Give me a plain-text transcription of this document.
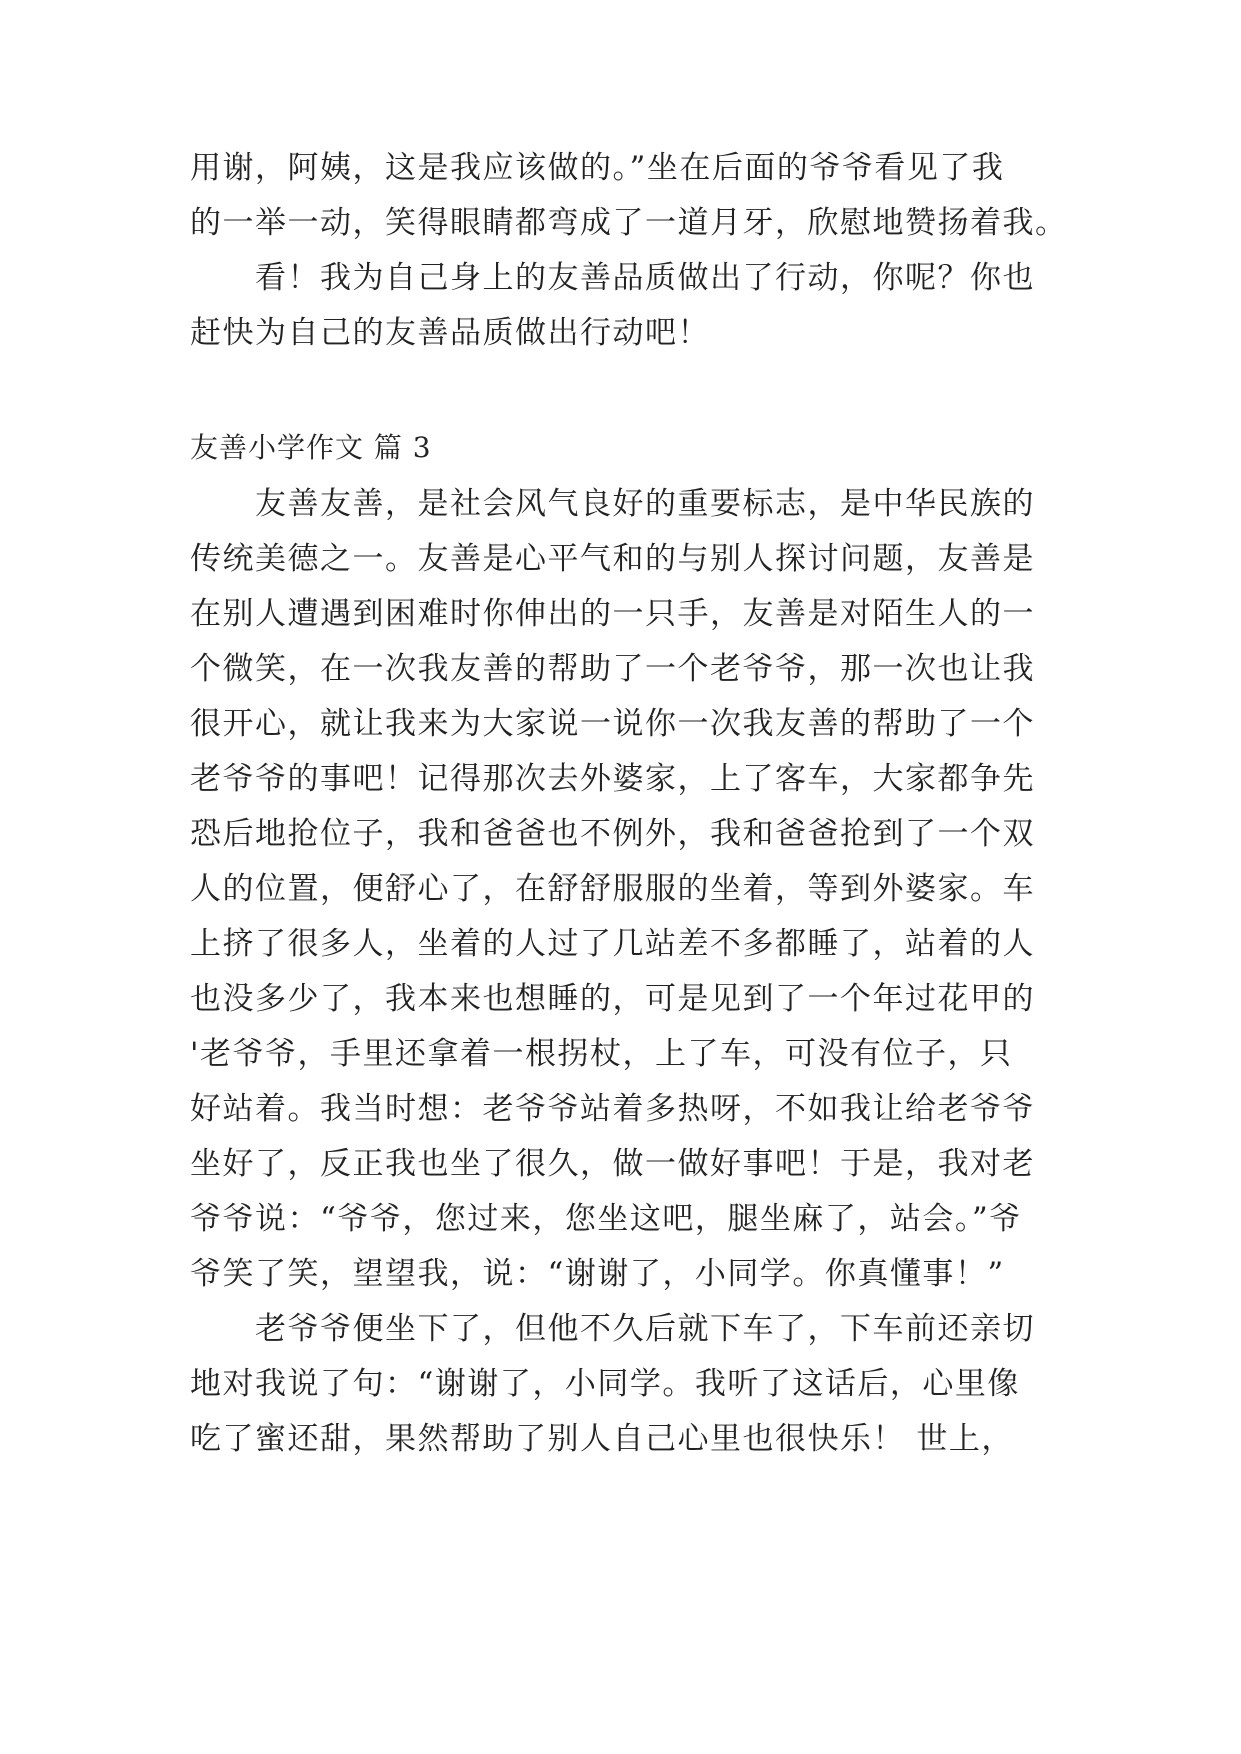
用谢，阿姨，这是我应该做的。”坐在后面的爷爷看见了我
的一举一动，笑得眼睛都弯成了一道月牙，欣慰地赞扬着我。
看！我为自己身上的友善品质做出了行动，你呢？你也
赶快为自己的友善品质做出行动吧！
友善小学作文 篇 3
友善友善，是社会风气良好的重要标志，是中华民族的
传统美德之一。友善是心平气和的与别人探讨问题，友善是
在别人遭遇到困难时你伸出的一只手，友善是对陌生人的一
个微笑，在一次我友善的帮助了一个老爷爷，那一次也让我
很开心，就让我来为大家说一说你一次我友善的帮助了一个
老爷爷的事吧！记得那次去外婆家，上了客车，大家都争先
恐后地抢位子，我和爸爸也不例外，我和爸爸抢到了一个双
人的位置，便舒心了，在舒舒服服的坐着，等到外婆家。车
上挤了很多人，坐着的人过了几站差不多都睡了，站着的人
也没多少了，我本来也想睡的，可是见到了一个年过花甲的
'老爷爷，手里还拿着一根拐杖，上了车，可没有位子，只
好站着。我当时想：老爷爷站着多热呀，不如我让给老爷爷
坐好了，反正我也坐了很久，做一做好事吧！于是，我对老
爷爷说：“爷爷，您过来，您坐这吧，腿坐麻了，站会。”爷
爷笑了笑，望望我，说：“谢谢了，小同学。你真懂事！”
老爷爷便坐下了，但他不久后就下车了，下车前还亲切
地对我说了句：“谢谢了，小同学。我听了这话后，心里像
吃了蜜还甜，果然帮助了别人自己心里也很快乐！ 世上，
